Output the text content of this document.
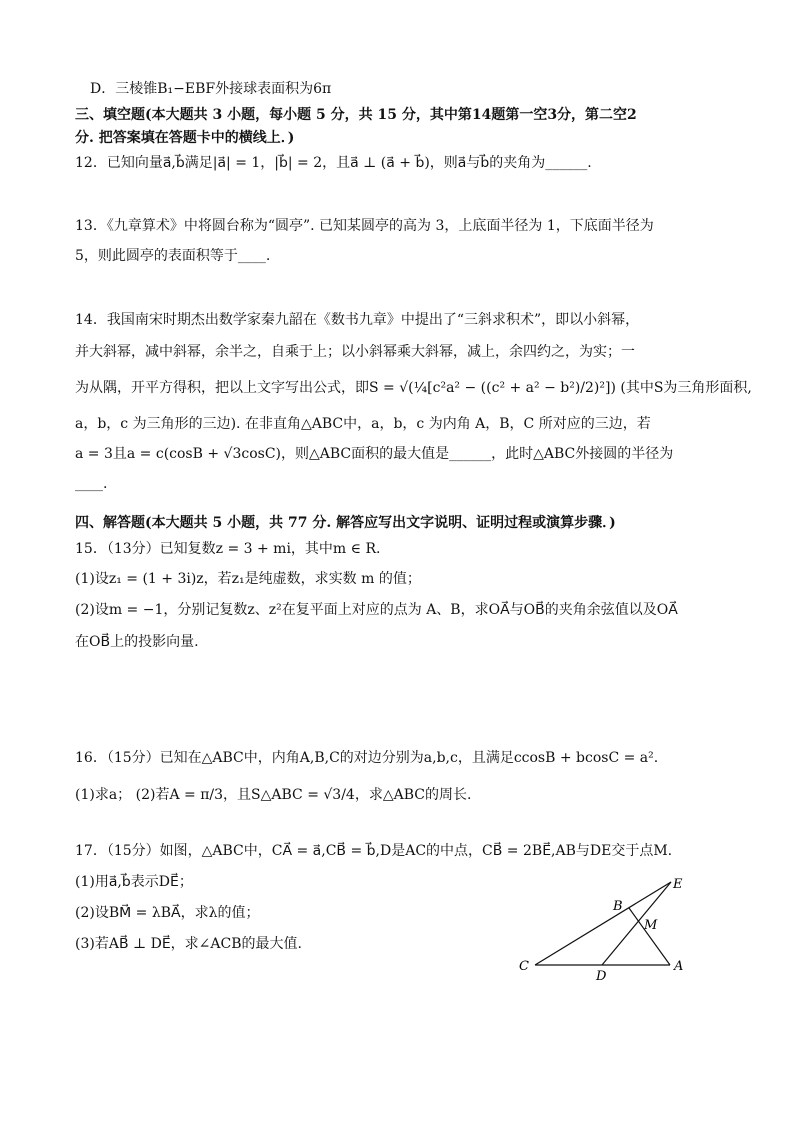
D．三棱锥B₁−EBF外接球表面积为6π
三、填空题(本大题共 3 小题，每小题 5 分，共 15 分，其中第14题第一空3分，第二空2
分. 把答案填在答题卡中的横线上．)
12．已知向量a⃗,b⃗满足|a⃗| = 1，|b⃗| = 2，且a⃗ ⊥ (a⃗ + b⃗)，则a⃗与b⃗的夹角为______.
13．《九章算术》中将圆台称为“圆亭”. 已知某圆亭的高为 3，上底面半径为 1，下底面半径为
5，则此圆亭的表面积等于____.
14．我国南宋时期杰出数学家秦九韶在《数书九章》中提出了“三斜求积术”，即以小斜幂，
并大斜幂，减中斜幂，余半之，自乘于上；以小斜幂乘大斜幂，减上，余四约之，为实；一
为从隅，开平方得积，把以上文字写出公式，即S = √(¼[c²a² − ((c² + a² − b²)/2)²]) (其中S为三角形面积,
a，b，c 为三角形的三边). 在非直角△ABC中，a，b，c 为内角 A，B，C 所对应的三边，若
a = 3且a = c(cosB + √3cosC)，则△ABC面积的最大值是______，此时△ABC外接圆的半径为
____.
四、解答题(本大题共 5 小题，共 77 分. 解答应写出文字说明、证明过程或演算步骤．)
15．（13分）已知复数z = 3 + mi，其中m ∈ R.
(1)设z₁ = (1 + 3i)z，若z₁是纯虚数，求实数 m 的值；
(2)设m = −1，分别记复数z、z²在复平面上对应的点为 A、B，求OA⃗与OB⃗的夹角余弦值以及OA⃗
在OB⃗上的投影向量.
16．（15分）已知在△ABC中，内角A,B,C的对边分别为a,b,c，且满足ccosB + bcosC = a².
(1)求a； (2)若A = π/3，且S△ABC = √3/4，求△ABC的周长.
17．（15分）如图，△ABC中，CA⃗ = a⃗,CB⃗ = b⃗,D是AC的中点，CB⃗ = 2BE⃗,AB与DE交于点M.
(1)用a⃗,b⃗表示DE⃗；
(2)设BM⃗ = λBA⃗，求λ的值；
(3)若AB⃗ ⊥ DE⃗，求∠ACB的最大值.
C
D
A
B
M
E
